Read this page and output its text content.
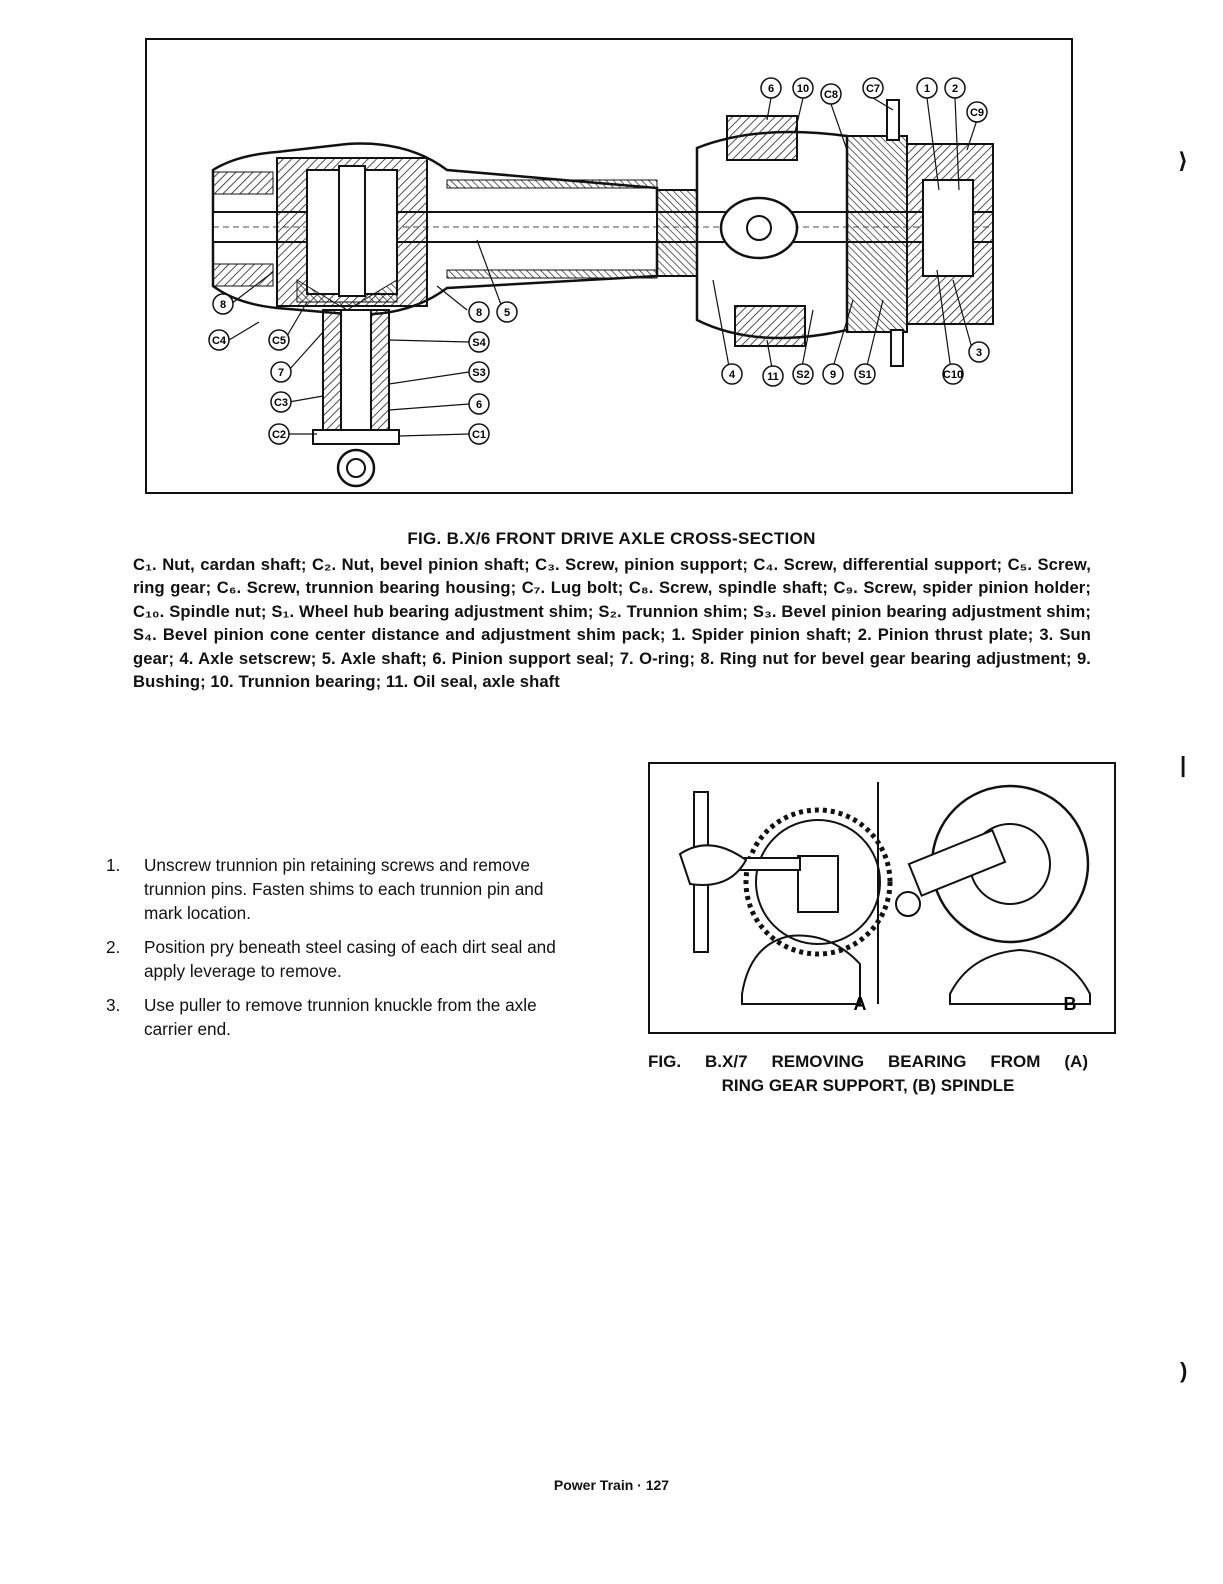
C4
8
C5
7
C3
C2
8 5
S4
S3
6
C1
4	11 S2 9 S1	C10
3
6 10 C8	C7	1 2
C9
FIG. B.X/6 FRONT DRIVE AXLE CROSS-SECTION
C₁. Nut, cardan shaft; C₂. Nut, bevel pinion shaft; C₃. Screw, pinion support; C₄. Screw, differential support; C₅. Screw, ring gear; C₆. Screw, trunnion bearing housing; C₇. Lug bolt; C₈. Screw, spindle shaft; C₉. Screw, spider pinion holder; C₁₀. Spindle nut; S₁. Wheel hub bearing adjustment shim; S₂. Trunnion shim; S₃. Bevel pinion bearing adjustment shim; S₄. Bevel pinion cone center distance and adjustment shim pack; 1. Spider pinion shaft; 2. Pinion thrust plate; 3. Sun gear; 4. Axle setscrew; 5. Axle shaft; 6. Pinion support seal; 7. O-ring; 8. Ring nut for bevel gear bearing adjustment; 9. Bushing; 10. Trunnion bearing; 11. Oil seal, axle shaft
1.	Unscrew trunnion pin retaining screws and remove trunnion pins. Fasten shims to each trunnion pin and mark location.
2.	Position pry beneath steel casing of each dirt seal and apply leverage to remove.
3.	Use puller to remove trunnion knuckle from the axle carrier end.
A	B
FIG. B.X/7 REMOVING BEARING FROM (A)
RING GEAR SUPPORT, (B) SPINDLE
Power Train · 127
⟩
|
)
